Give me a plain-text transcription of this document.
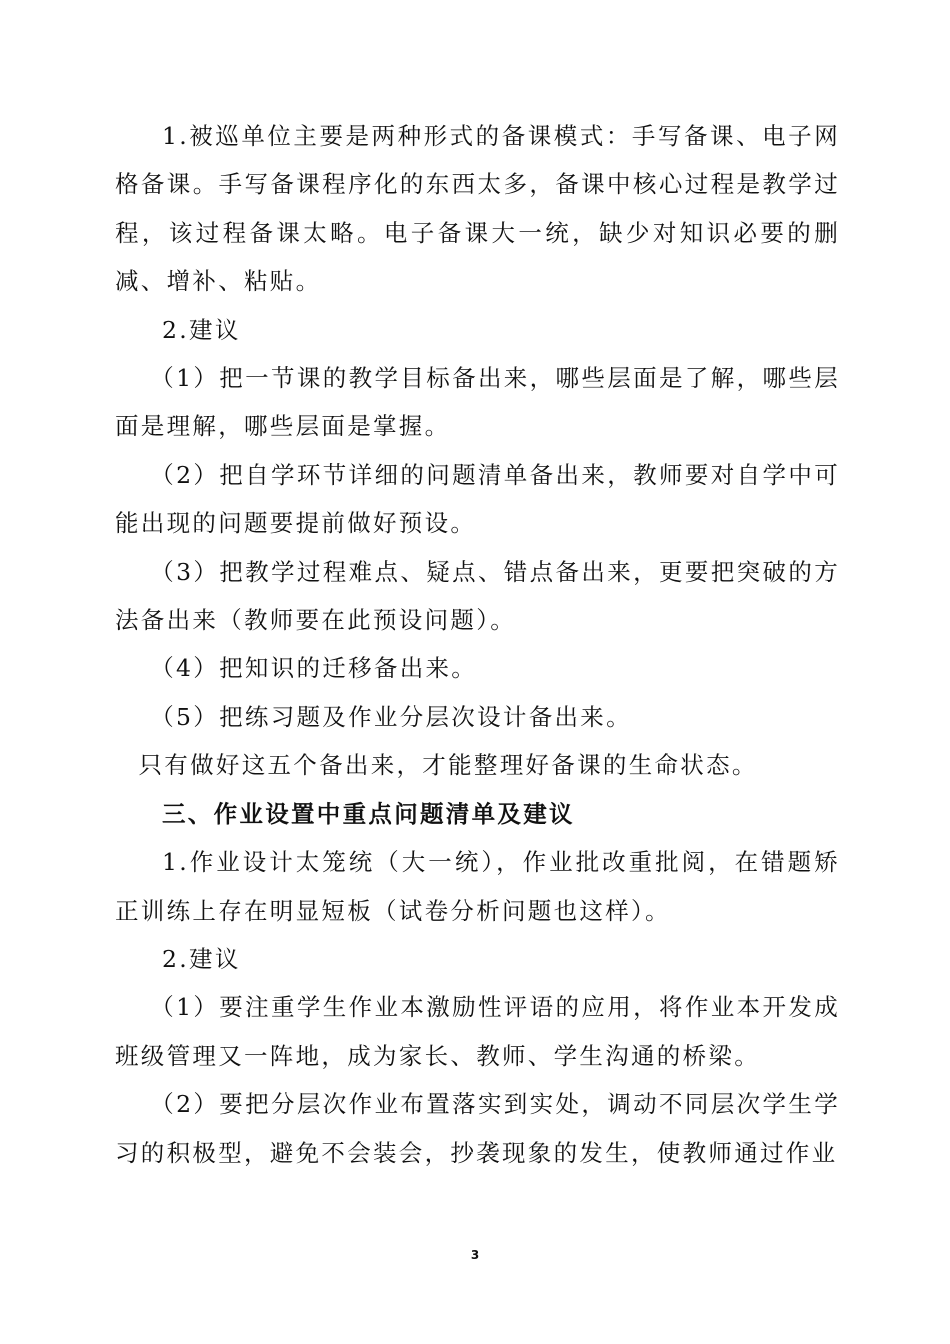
1.被巡单位主要是两种形式的备课模式：手写备课、电子网格备课。手写备课程序化的东西太多，备课中核心过程是教学过程，该过程备课太略。电子备课大一统，缺少对知识必要的删减、增补、粘贴。

2.建议

（1）把一节课的教学目标备出来，哪些层面是了解，哪些层面是理解，哪些层面是掌握。

（2）把自学环节详细的问题清单备出来，教师要对自学中可能出现的问题要提前做好预设。

（3）把教学过程难点、疑点、错点备出来，更要把突破的方法备出来（教师要在此预设问题）。

（4）把知识的迁移备出来。

（5）把练习题及作业分层次设计备出来。

只有做好这五个备出来，才能整理好备课的生命状态。

三、作业设置中重点问题清单及建议

1.作业设计太笼统（大一统），作业批改重批阅，在错题矫正训练上存在明显短板（试卷分析问题也这样）。

2.建议

（1）要注重学生作业本激励性评语的应用，将作业本开发成班级管理又一阵地，成为家长、教师、学生沟通的桥梁。

（2）要把分层次作业布置落实到实处，调动不同层次学生学习的积极型，避免不会装会，抄袭现象的发生，使教师通过作业

3
